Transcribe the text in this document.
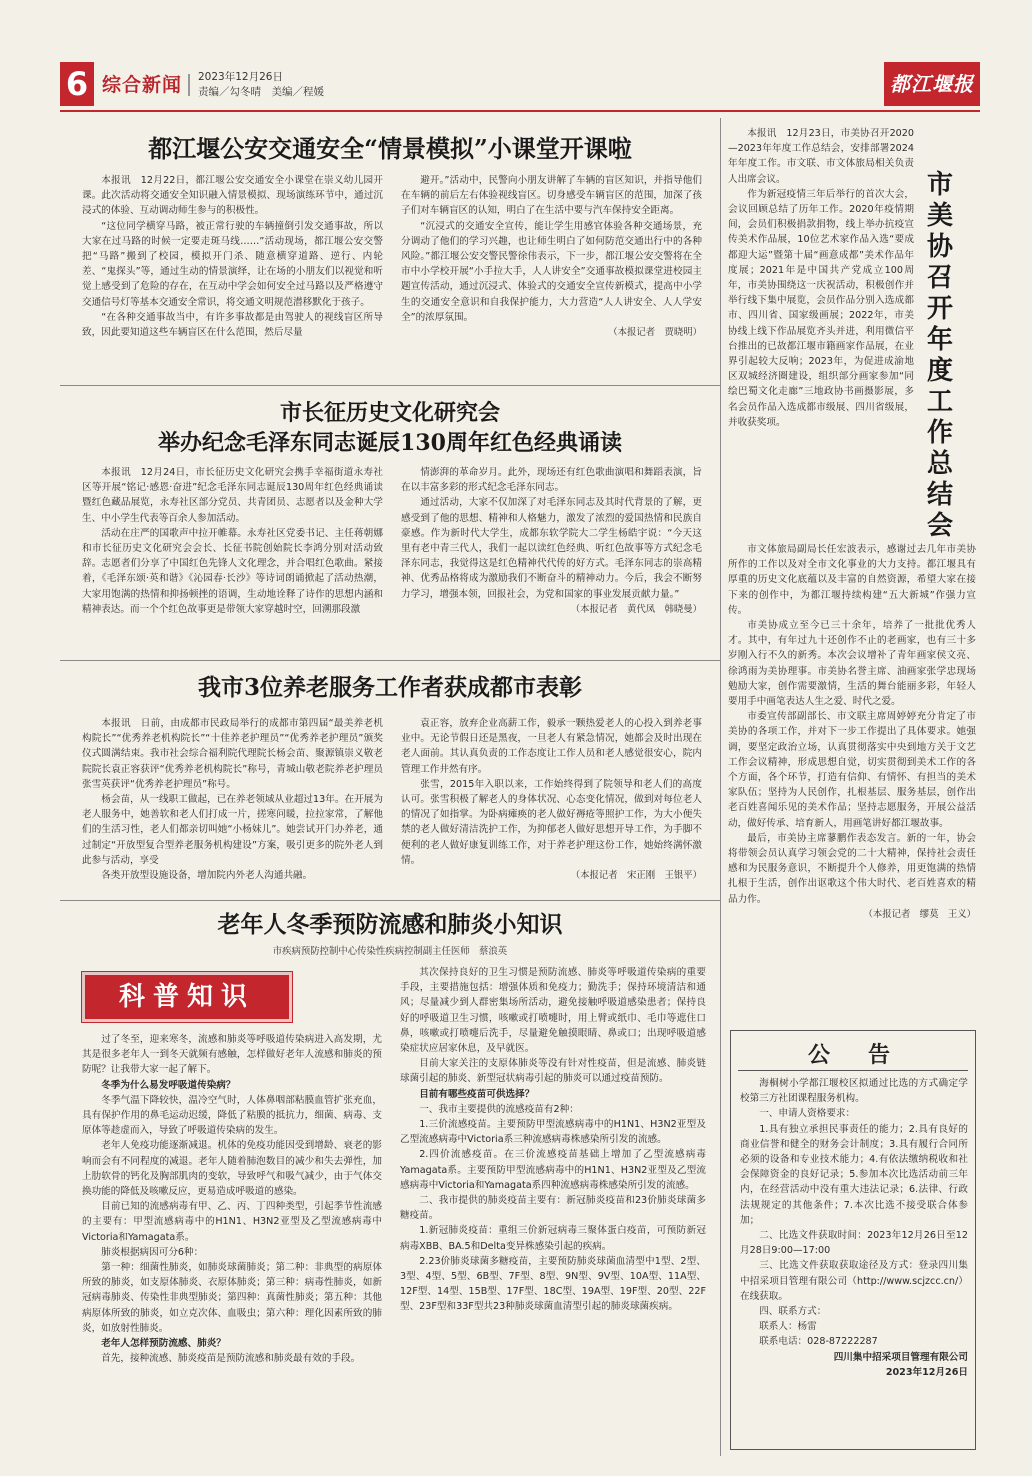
6 综合新闻 2023年12月26日
责编／勾冬晴　美编／程媛	都江堰报
都江堰公安交通安全“情景模拟”小课堂开课啦

本报讯　12月22日，都江堰公安交通安全小课堂在崇义幼儿园开课。此次活动将交通安全知识融入情景模拟、现场演练环节中，通过沉浸式的体验、互动调动师生参与的积极性。

“这位同学横穿马路，被正常行驶的车辆撞倒引发交通事故，所以大家在过马路的时候一定要走斑马线……”活动现场，都江堰公安交警把“马路”搬到了校园，模拟开门杀、随意横穿道路、逆行、内轮差、“鬼探头”等，通过生动的情景演绎，让在场的小朋友们以视觉和听觉上感受到了危险的存在，在互动中学会如何安全过马路以及严格遵守交通信号灯等基本交通安全常识，将交通文明规范潜移默化于孩子。

“在各种交通事故当中，有许多事故都是由驾驶人的视线盲区所导致，因此要知道这些车辆盲区在什么范围，然后尽量

避开。”活动中，民警向小朋友讲解了车辆的盲区知识，并指导他们在车辆的前后左右体验视线盲区。切身感受车辆盲区的范围，加深了孩子们对车辆盲区的认知，明白了在生活中要与汽车保持安全距离。

“沉浸式的交通安全宣传，能让学生用感官体验各种交通场景，充分调动了他们的学习兴趣，也让师生明白了如何防范交通出行中的各种风险。”都江堰公安交警民警徐伟表示，下一步，都江堰公安交警将在全市中小学校开展“小手拉大手，人人讲安全”交通事故模拟课堂进校园主题宣传活动，通过沉浸式、体验式的交通安全宣传新模式，提高中小学生的交通安全意识和自我保护能力，大力营造“人人讲安全、人人学安全”的浓厚氛围。

（本报记者　贾晓明）

市长征历史文化研究会
举办纪念毛泽东同志诞辰130周年红色经典诵读

本报讯　12月24日，市长征历史文化研究会携手幸福街道永寿社区等开展“铭记·感恩·奋进”纪念毛泽东同志诞辰130周年红色经典诵读暨红色藏品展览，永寿社区部分党员、共青团员、志愿者以及金种大学生、中小学生代表等百余人参加活动。

活动在庄严的国歌声中拉开帷幕。永寿社区党委书记、主任蒋朝娜和市长征历史文化研究会会长、长征书院创始院长李鸿分别对活动致辞。志愿者们分享了中国红色先锋人文化理念，并合唱红色歌曲。紧接着，《毛泽东颂·英和谐》《沁园春·长沙》等诗词朗诵掀起了活动热潮，大家用饱满的热情和抑扬顿挫的语调，生动地诠释了诗作的思想内涵和精神表达。而一个个红色故事更是带领大家穿越时空，回溯那段激

情澎湃的革命岁月。此外，现场还有红色歌曲演唱和舞蹈表演，旨在以丰富多彩的形式纪念毛泽东同志。

通过活动，大家不仅加深了对毛泽东同志及其时代背景的了解，更感受到了他的思想、精神和人格魅力，激发了浓烈的爱国热情和民族自豪感。作为新时代大学生，成都东软学院大二学生杨皓宇说：“今天这里有老中青三代人，我们一起以读红色经典、听红色故事等方式纪念毛泽东同志，我觉得这是红色精神代代传的好方式。毛泽东同志的崇高精神、优秀品格将成为激励我们不断奋斗的精神动力。今后，我会不断努力学习，增强本领，回报社会，为党和国家的事业发展贡献力量。”

（本报记者　黄代凤　韩晓曼）

我市3位养老服务工作者获成都市表彰

本报讯　日前，由成都市民政局举行的成都市第四届“最美养老机构院长”“优秀养老机构院长”“十佳养老护理员”“优秀养老护理员”颁奖仪式圆满结束。我市社会综合福利院代理院长杨会苗、聚源镇崇义敬老院院长袁正容获评“优秀养老机构院长”称号，青城山敬老院养老护理员张雪英获评“优秀养老护理员”称号。

杨会苗，从一线职工做起，已在养老领域从业超过13年。在开展为老人服务中，她善软和老人们打成一片，搓寒问暖，拉拉家常，了解他们的生活习性，老人们都亲切叫她“小杨妹儿”。她尝试开门办养老，通过制定“开放型复合型养老服务机构建设”方案，吸引更多的院外老人到此参与活动，享受

各类开放型设施设备，增加院内外老人沟通共融。

袁正容，放弃企业高薪工作，毅承一颗热爱老人的心投入到养老事业中。无论节假日还是黑夜，一旦老人有紧急情况，她都会及时出现在老人面前。其认真负责的工作态度让工作人员和老人感觉很安心，院内管理工作井然有序。

张雪，2015年入职以来，工作始终得到了院领导和老人们的高度认可。张雪积极了解老人的身体状况、心态变化情况，做到对每位老人的情况了如指掌。为卧病瘫痪的老人做好褥疮等照护工作，为大小便失禁的老人做好清洁洗护工作，为抑郁老人做好思想开导工作，为手脚不便利的老人做好康复训练工作，对于养老护理这份工作，她始终满怀激情。

（本报记者　宋正刚　王银平）

本报讯　12月23日，市美协召开2020—2023年年度工作总结会，安排部署2024年年度工作。市文联、市文体旅局相关负责人出席会议。

作为新冠疫情三年后举行的首次大会，会议回顾总结了历年工作。2020年疫情期间，会员们积极捐款捐物，线上举办抗疫宣传美术作品展，10位艺术家作品入选“要成都迎大运”暨第十届“画意成都”美术作品年度展；2021年是中国共产党成立100周年，市美协围绕这一庆祝活动，积极创作并举行线下集中展览，会员作品分别入选成都市、四川省、国家级画展；2022年，市美协线上线下作品展览齐头并进，利用微信平台推出的已故都江堰市籍画家作品展，在业界引起较大反响；2023年，为促进成渝地区双城经济圈建设，组织部分画家参加“同绘巴蜀文化走廊”三地政协书画摄影展，多名会员作品入选成都市级展、四川省级展，并收获奖项。

市美协召开年度工作总结会

市文体旅局副局长任宏波表示，感谢过去几年市美协所作的工作以及对全市文化事业的大力支持。都江堰具有厚重的历史文化底蕴以及丰富的自然资源，希望大家在接下来的创作中，为都江堰持续构建“五大新城”作强力宣传。

市美协成立至今已三十余年，培养了一批批优秀人才。其中，有年过九十还创作不止的老画家，也有三十多岁刚入行不久的新秀。本次会议增补了青年画家侯文亮、徐鸿雨为美协理事。市美协名誉主席、油画家张学忠现场勉励大家，创作需要激情，生活的舞台能丽多彩，年轻人要用手中画笔表达人生之爱、时代之爱。

市委宣传部副部长、市文联主席周婷婷充分肯定了市美协的各项工作，并对下一步工作提出了具体要求。她强调，要坚定政治立场，认真贯彻落实中央到地方关于文艺工作会议精神，形成思想自觉，切实贯彻到美术工作的各个方面，各个环节，打造有信仰、有情怀、有担当的美术家队伍；坚持为人民创作，扎根基层、服务基层，创作出老百姓喜闻乐见的美术作品；坚持志愿服务，开展公益活动，做好传承、培育新人，用画笔讲好都江堰故事。

最后，市美协主席蓼鹏作表态发言。新的一年，协会将带领会员认真学习领会党的二十大精神，保持社会责任感和为民服务意识，不断提升个人修养，用更饱满的热情扎根于生活，创作出讴歌这个伟大时代、老百姓喜欢的精品力作。

（本报记者　缪莫　王义）

老年人冬季预防流感和肺炎小知识
市疾病预防控制中心传染性疾病控制副主任医师　蔡浪英
科普知识

过了冬至，迎来寒冬，流感和肺炎等呼吸道传染病进入高发期，尤其是很多老年人一到冬天就频有感触，怎样做好老年人流感和肺炎的预防呢？让我带大家一起了解下。

冬季为什么易发呼吸道传染病？

冬季气温下降较快，温冷空气时，人体鼻咽部粘膜血管扩张充血，具有保护作用的鼻毛运动迟缓，降低了粘膜的抵抗力，细菌、病毒、支原体等趁虚而入，导致了呼吸道传染病的发生。

老年人免疫功能逐渐减退。机体的免疫功能因受到增龄、衰老的影响而会有不同程度的减退。老年人随着肺泡数目的减少和失去弹性，加上肋软骨的钙化及胸部肌肉的变软，导致呼气和吸气减少，由于气体交换功能的降低及咳嗽反应，更易造成呼吸道的感染。

目前已知的流感病毒有甲、乙、丙、丁四种类型，引起季节性流感的主要有：甲型流感病毒中的H1N1、H3N2亚型及乙型流感病毒中Victoria和Yamagata系。

肺炎根据病因可分6种：

第一种：细菌性肺炎，如肺炎球菌肺炎；第二种：非典型的病原体所致的肺炎，如支原体肺炎、衣原体肺炎；第三种：病毒性肺炎，如新冠病毒肺炎、传染性非典型肺炎；第四种：真菌性肺炎；第五种：其他病原体所致的肺炎，如立克次体、血吸虫；第六种：理化因素所致的肺炎，如放射性肺炎。

老年人怎样预防流感、肺炎？

首先，接种流感、肺炎疫苗是预防流感和肺炎最有效的手段。

其次保持良好的卫生习惯是预防流感、肺炎等呼吸道传染病的重要手段，主要措施包括：增强体质和免疫力；勤洗手；保持环境清洁和通风；尽量减少到人群密集场所活动，避免接触呼吸道感染患者；保持良好的呼吸道卫生习惯，咳嗽或打喷嚏时，用上臂或纸巾、毛巾等遮住口鼻，咳嗽或打喷嚏后洗手，尽量避免触摸眼睛、鼻或口；出现呼吸道感染症状应居家休息，及早就医。

目前大家关注的支原体肺炎等没有针对性疫苗，但是流感、肺炎链球菌引起的肺炎、新型冠状病毒引起的肺炎可以通过疫苗预防。

目前有哪些疫苗可供选择？

一、我市主要提供的流感疫苗有2种：

1.三价流感疫苗。主要预防甲型流感病毒中的H1N1、H3N2亚型及乙型流感病毒中Victoria系三种流感病毒株感染所引发的流感。

2.四价流感疫苗。在三价流感疫苗基础上增加了乙型流感病毒Yamagata系。主要预防甲型流感病毒中的H1N1、H3N2亚型及乙型流感病毒中Victoria和Yamagata系四种流感病毒株感染所引发的流感。

二、我市提供的肺炎疫苗主要有：新冠肺炎疫苗和23价肺炎球菌多糖疫苗。

1.新冠肺炎疫苗：重组三价新冠病毒三聚体蛋白疫苗，可预防新冠病毒XBB、BA.5和Delta变异株感染引起的疾病。

2.23价肺炎球菌多糖疫苗，主要预防肺炎球菌血清型中1型、2型、3型、4型、5型、6B型、7F型、8型、9N型、9V型、10A型、11A型、12F型、14型、15B型、17F型、18C型、19A型、19F型、20型、22F型、23F型和33F型共23种肺炎球菌血清型引起的肺炎球菌疾病。

公　告

海桐树小学都江堰校区拟通过比选的方式确定学校第三方社团课程服务机构。

一、申请人资格要求：

1.具有独立承担民事责任的能力；2.具有良好的商业信誉和健全的财务会计制度；3.具有履行合同所必须的设备和专业技术能力；4.有依法缴纳税收和社会保障资金的良好记录；5.参加本次比选活动前三年内，在经营活动中没有重大违法记录；6.法律、行政法规规定的其他条件；7.本次比选不接受联合体参加；

二、比选文件获取时间：2023年12月26日至12月28日9:00—17:00

三、比选文件获取获取途径及方式：登录四川集中招采项目管理有限公司（http://www.scjzcc.cn/）在线获取。

四、联系方式：

联系人：杨雷

联系电话：028-87222287

四川集中招采项目管理有限公司

2023年12月26日
